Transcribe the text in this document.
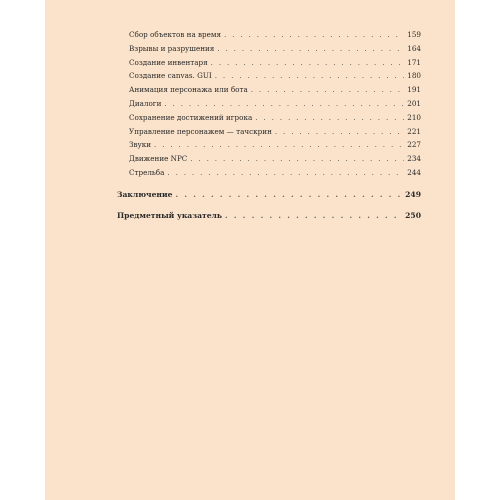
Сбор объектов на время . . .	159
Взрывы и разрушения . . .	164
Создание инвентаря . . .	171
Создание canvas. GUI . . .	180
Анимация персонажа или бота . . .	191
Диалоги . . .	201
Сохранение достижений игрока . . .	210
Управление персонажем — тачскрин . . .	221
Звуки . . .	227
Движение NPC . . .	234
Стрельба . . .	244
Заключение . . .	249
Предметный указатель . . .	250
